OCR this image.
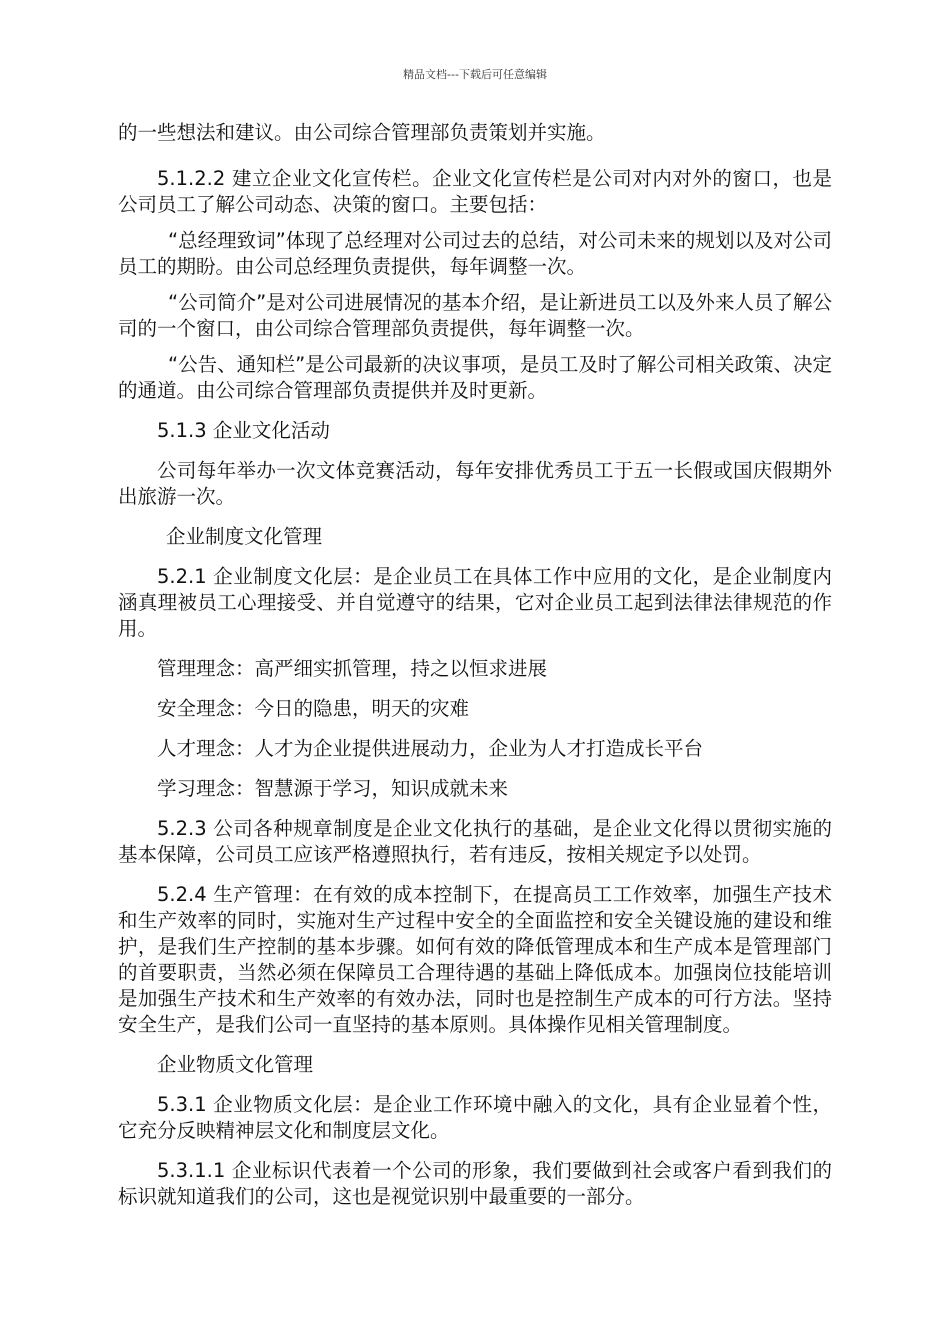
精品文档---下载后可任意编辑

的一些想法和建议。由公司综合管理部负责策划并实施。

5.1.2.2 建立企业文化宣传栏。企业文化宣传栏是公司对内对外的窗口，也是公司员工了解公司动态、决策的窗口。主要包括：

“总经理致词”体现了总经理对公司过去的总结，对公司未来的规划以及对公司员工的期盼。由公司总经理负责提供，每年调整一次。

“公司简介”是对公司进展情况的基本介绍，是让新进员工以及外来人员了解公司的一个窗口，由公司综合管理部负责提供，每年调整一次。

“公告、通知栏”是公司最新的决议事项，是员工及时了解公司相关政策、决定的通道。由公司综合管理部负责提供并及时更新。

5.1.3 企业文化活动

公司每年举办一次文体竞赛活动，每年安排优秀员工于五一长假或国庆假期外出旅游一次。

企业制度文化管理

5.2.1 企业制度文化层：是企业员工在具体工作中应用的文化，是企业制度内涵真理被员工心理接受、并自觉遵守的结果，它对企业员工起到法律法律规范的作用。

管理理念：高严细实抓管理，持之以恒求进展

安全理念：今日的隐患，明天的灾难

人才理念：人才为企业提供进展动力，企业为人才打造成长平台

学习理念：智慧源于学习，知识成就未来

5.2.3 公司各种规章制度是企业文化执行的基础，是企业文化得以贯彻实施的基本保障，公司员工应该严格遵照执行，若有违反，按相关规定予以处罚。

5.2.4 生产管理：在有效的成本控制下，在提高员工工作效率，加强生产技术和生产效率的同时，实施对生产过程中安全的全面监控和安全关键设施的建设和维护，是我们生产控制的基本步骤。如何有效的降低管理成本和生产成本是管理部门的首要职责，当然必须在保障员工合理待遇的基础上降低成本。加强岗位技能培训是加强生产技术和生产效率的有效办法，同时也是控制生产成本的可行方法。坚持安全生产，是我们公司一直坚持的基本原则。具体操作见相关管理制度。

企业物质文化管理

5.3.1 企业物质文化层：是企业工作环境中融入的文化，具有企业显着个性，它充分反映精神层文化和制度层文化。

5.3.1.1 企业标识代表着一个公司的形象，我们要做到社会或客户看到我们的标识就知道我们的公司，这也是视觉识别中最重要的一部分。
